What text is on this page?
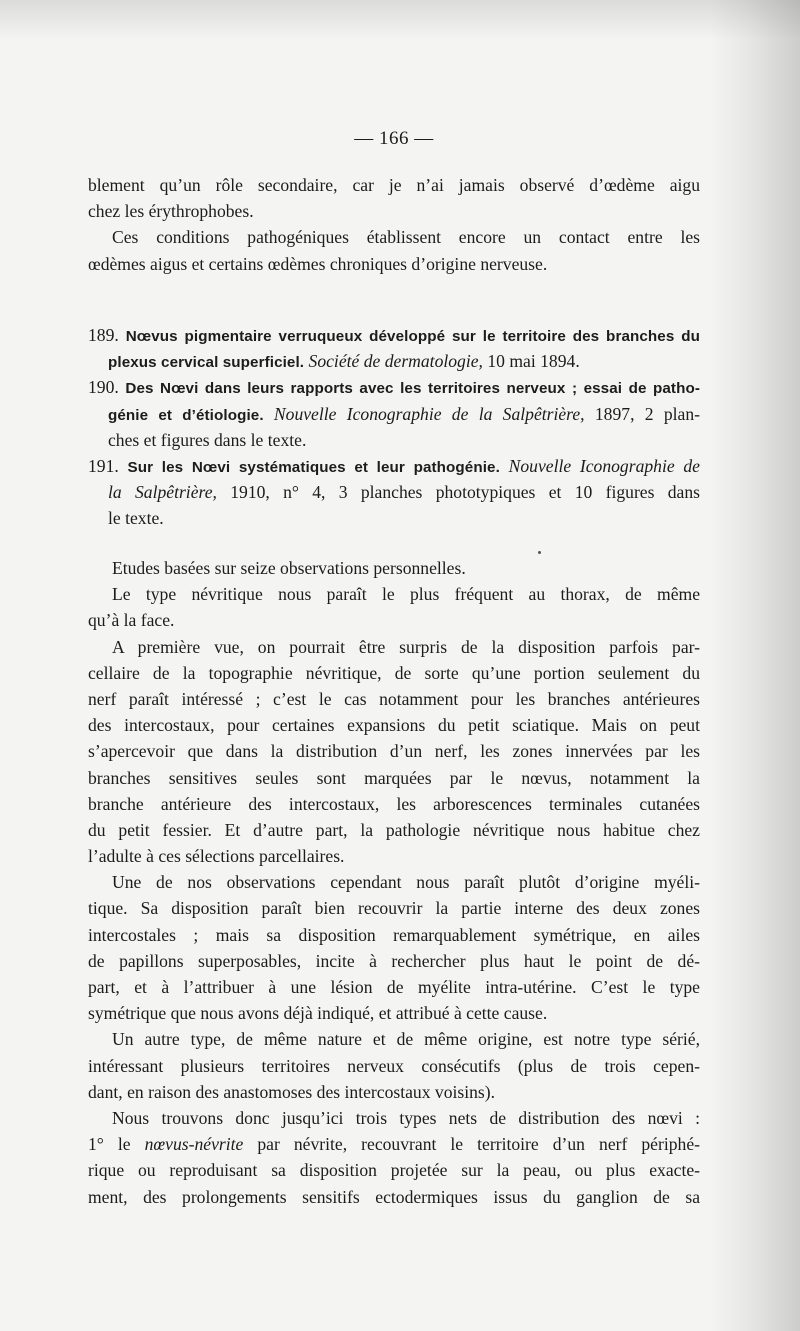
— 166 —
blement qu’un rôle secondaire, car je n’ai jamais observé d’œdème aigu
chez les érythrophobes.
Ces conditions pathogéniques établissent encore un contact entre les
œdèmes aigus et certains œdèmes chroniques d’origine nerveuse.
189. Nœvus pigmentaire verruqueux développé sur le territoire des branches du
plexus cervical superficiel. Société de dermatologie, 10 mai 1894.
190. Des Nœvi dans leurs rapports avec les territoires nerveux ; essai de patho-
génie et d’étiologie. Nouvelle Iconographie de la Salpêtrière, 1897, 2 plan-
ches et figures dans le texte.
191. Sur les Nœvi systématiques et leur pathogénie. Nouvelle Iconographie de
la Salpêtrière, 1910, n° 4, 3 planches phototypiques et 10 figures dans
le texte.
Etudes basées sur seize observations personnelles.
Le type névritique nous paraît le plus fréquent au thorax, de même
qu’à la face.
A première vue, on pourrait être surpris de la disposition parfois par-
cellaire de la topographie névritique, de sorte qu’une portion seulement du
nerf paraît intéressé ; c’est le cas notamment pour les branches antérieures
des intercostaux, pour certaines expansions du petit sciatique. Mais on peut
s’apercevoir que dans la distribution d’un nerf, les zones innervées par les
branches sensitives seules sont marquées par le nœvus, notamment la
branche antérieure des intercostaux, les arborescences terminales cutanées
du petit fessier. Et d’autre part, la pathologie névritique nous habitue chez
l’adulte à ces sélections parcellaires.
Une de nos observations cependant nous paraît plutôt d’origine myéli-
tique. Sa disposition paraît bien recouvrir la partie interne des deux zones
intercostales ; mais sa disposition remarquablement symétrique, en ailes
de papillons superposables, incite à rechercher plus haut le point de dé-
part, et à l’attribuer à une lésion de myélite intra-utérine. C’est le type
symétrique que nous avons déjà indiqué, et attribué à cette cause.
Un autre type, de même nature et de même origine, est notre type sérié,
intéressant plusieurs territoires nerveux consécutifs (plus de trois cepen-
dant, en raison des anastomoses des intercostaux voisins).
Nous trouvons donc jusqu’ici trois types nets de distribution des nœvi :
1° le nœvus-névrite par névrite, recouvrant le territoire d’un nerf périphé-
rique ou reproduisant sa disposition projetée sur la peau, ou plus exacte-
ment, des prolongements sensitifs ectodermiques issus du ganglion de sa
